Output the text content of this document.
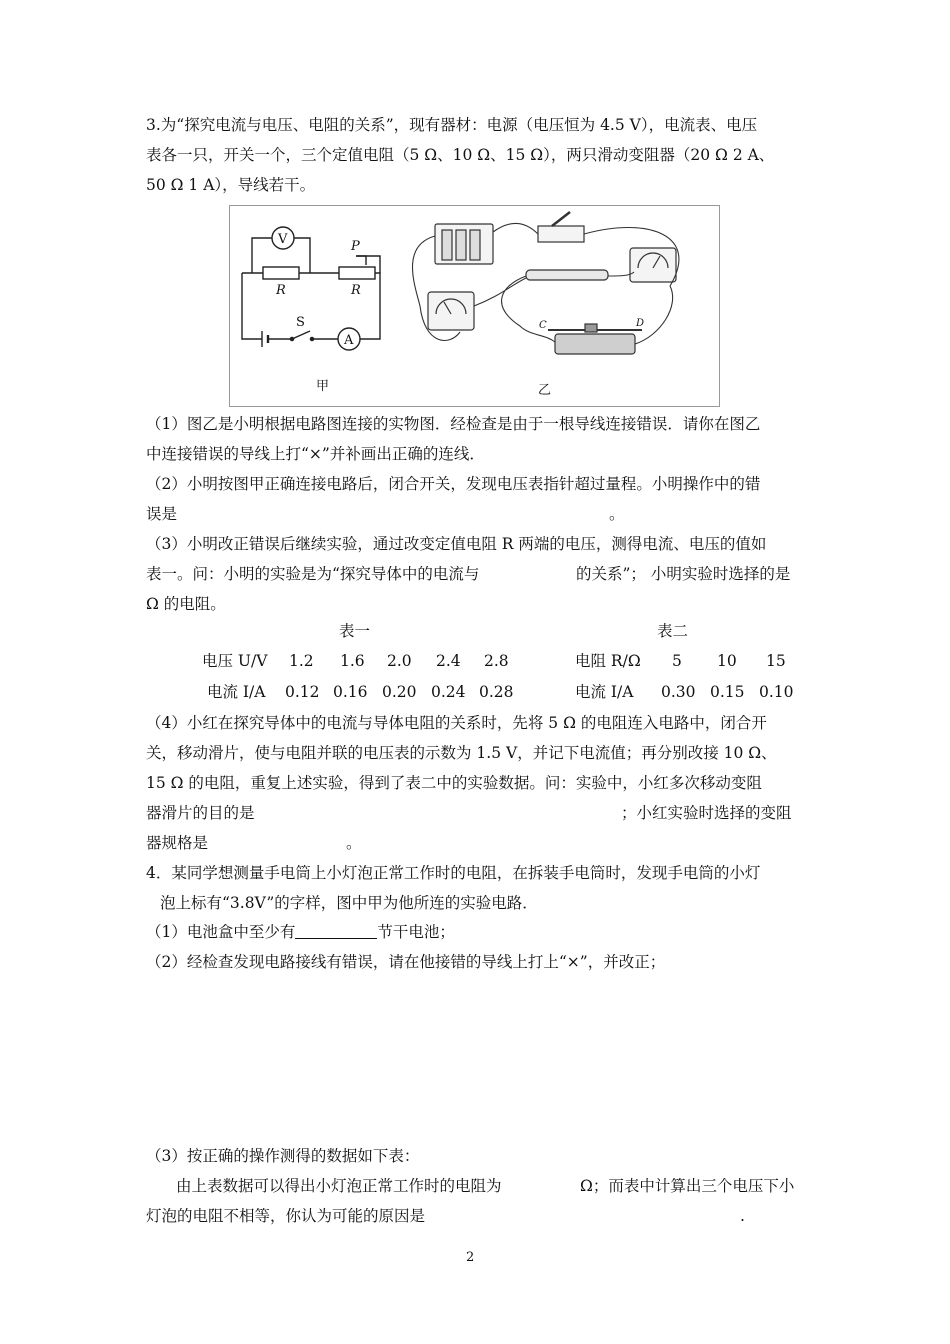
3.为“探究电流与电压、电阻的关系”，现有器材：电源（电压恒为 4.5 V），电流表、电压
表各一只，开关一个，三个定值电阻（5 Ω、10 Ω、15 Ω），两只滑动变阻器（20 Ω 2 A、
50 Ω 1 A），导线若干。
V
A
R	R
P
S
甲	乙
C	D
（1）图乙是小明根据电路图连接的实物图．经检查是由于一根导线连接错误．请你在图乙
中连接错误的导线上打“×”并补画出正确的连线．
（2）小明按图甲正确连接电路后，闭合开关，发现电压表指针超过量程。小明操作中的错
误是	。
（3）小明改正错误后继续实验，通过改变定值电阻 R 两端的电压，测得电流、电压的值如
表一。问：小明的实验是为“探究导体中的电流与	的关系”； 小明实验时选择的是
Ω 的电阻。
表一	表二
电压 U/V 1.2 1.6 2.0 2.4 2.8
电流 I/A 0.12 0.16 0.20 0.24 0.28
电阻 R/Ω 5 10 15
电流 I/A 0.30 0.15 0.10
（4）小红在探究导体中的电流与导体电阻的关系时，先将 5 Ω 的电阻连入电路中，闭合开
关，移动滑片，使与电阻并联的电压表的示数为 1.5 V，并记下电流值；再分别改接 10 Ω、
15 Ω 的电阻，重复上述实验，得到了表二中的实验数据。问：实验中，小红多次移动变阻
器滑片的目的是	；小红实验时选择的变阻
器规格是	。
4．某同学想测量手电筒上小灯泡正常工作时的电阻，在拆装手电筒时，发现手电筒的小灯
泡上标有“3.8V”的字样，图中甲为他所连的实验电路．
（1）电池盒中至少有	节干电池；
（2）经检查发现电路接线有错误，请在他接错的导线上打上“×”，并改正；
（3）按正确的操作测得的数据如下表：
由上表数据可以得出小灯泡正常工作时的电阻为	Ω；而表中计算出三个电压下小
灯泡的电阻不相等，你认为可能的原因是	.
2
